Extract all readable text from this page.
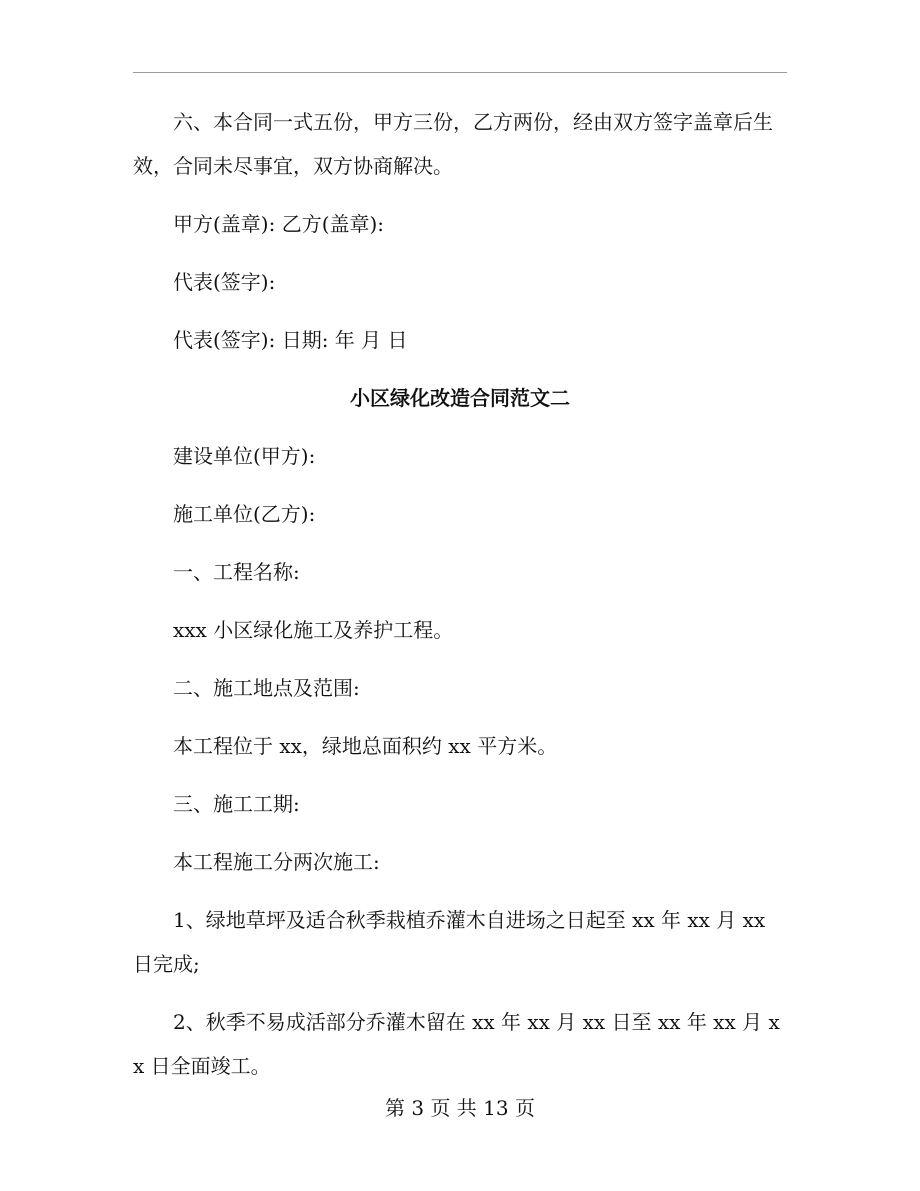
六、本合同一式五份，甲方三份，乙方两份，经由双方签字盖章后生效，合同未尽事宜，双方协商解决。

甲方(盖章): 乙方(盖章):

代表(签字):

代表(签字): 日期: 年 月 日

小区绿化改造合同范文二

建设单位(甲方):

施工单位(乙方):

一、工程名称:

xxx 小区绿化施工及养护工程。

二、施工地点及范围:

本工程位于 xx，绿地总面积约 xx 平方米。

三、施工工期:

本工程施工分两次施工:

1、绿地草坪及适合秋季栽植乔灌木自进场之日起至 xx 年 xx 月 xx 日完成;

2、秋季不易成活部分乔灌木留在 xx 年 xx 月 xx 日至 xx 年 xx 月 xx 日全面竣工。

第 3 页 共 13 页
